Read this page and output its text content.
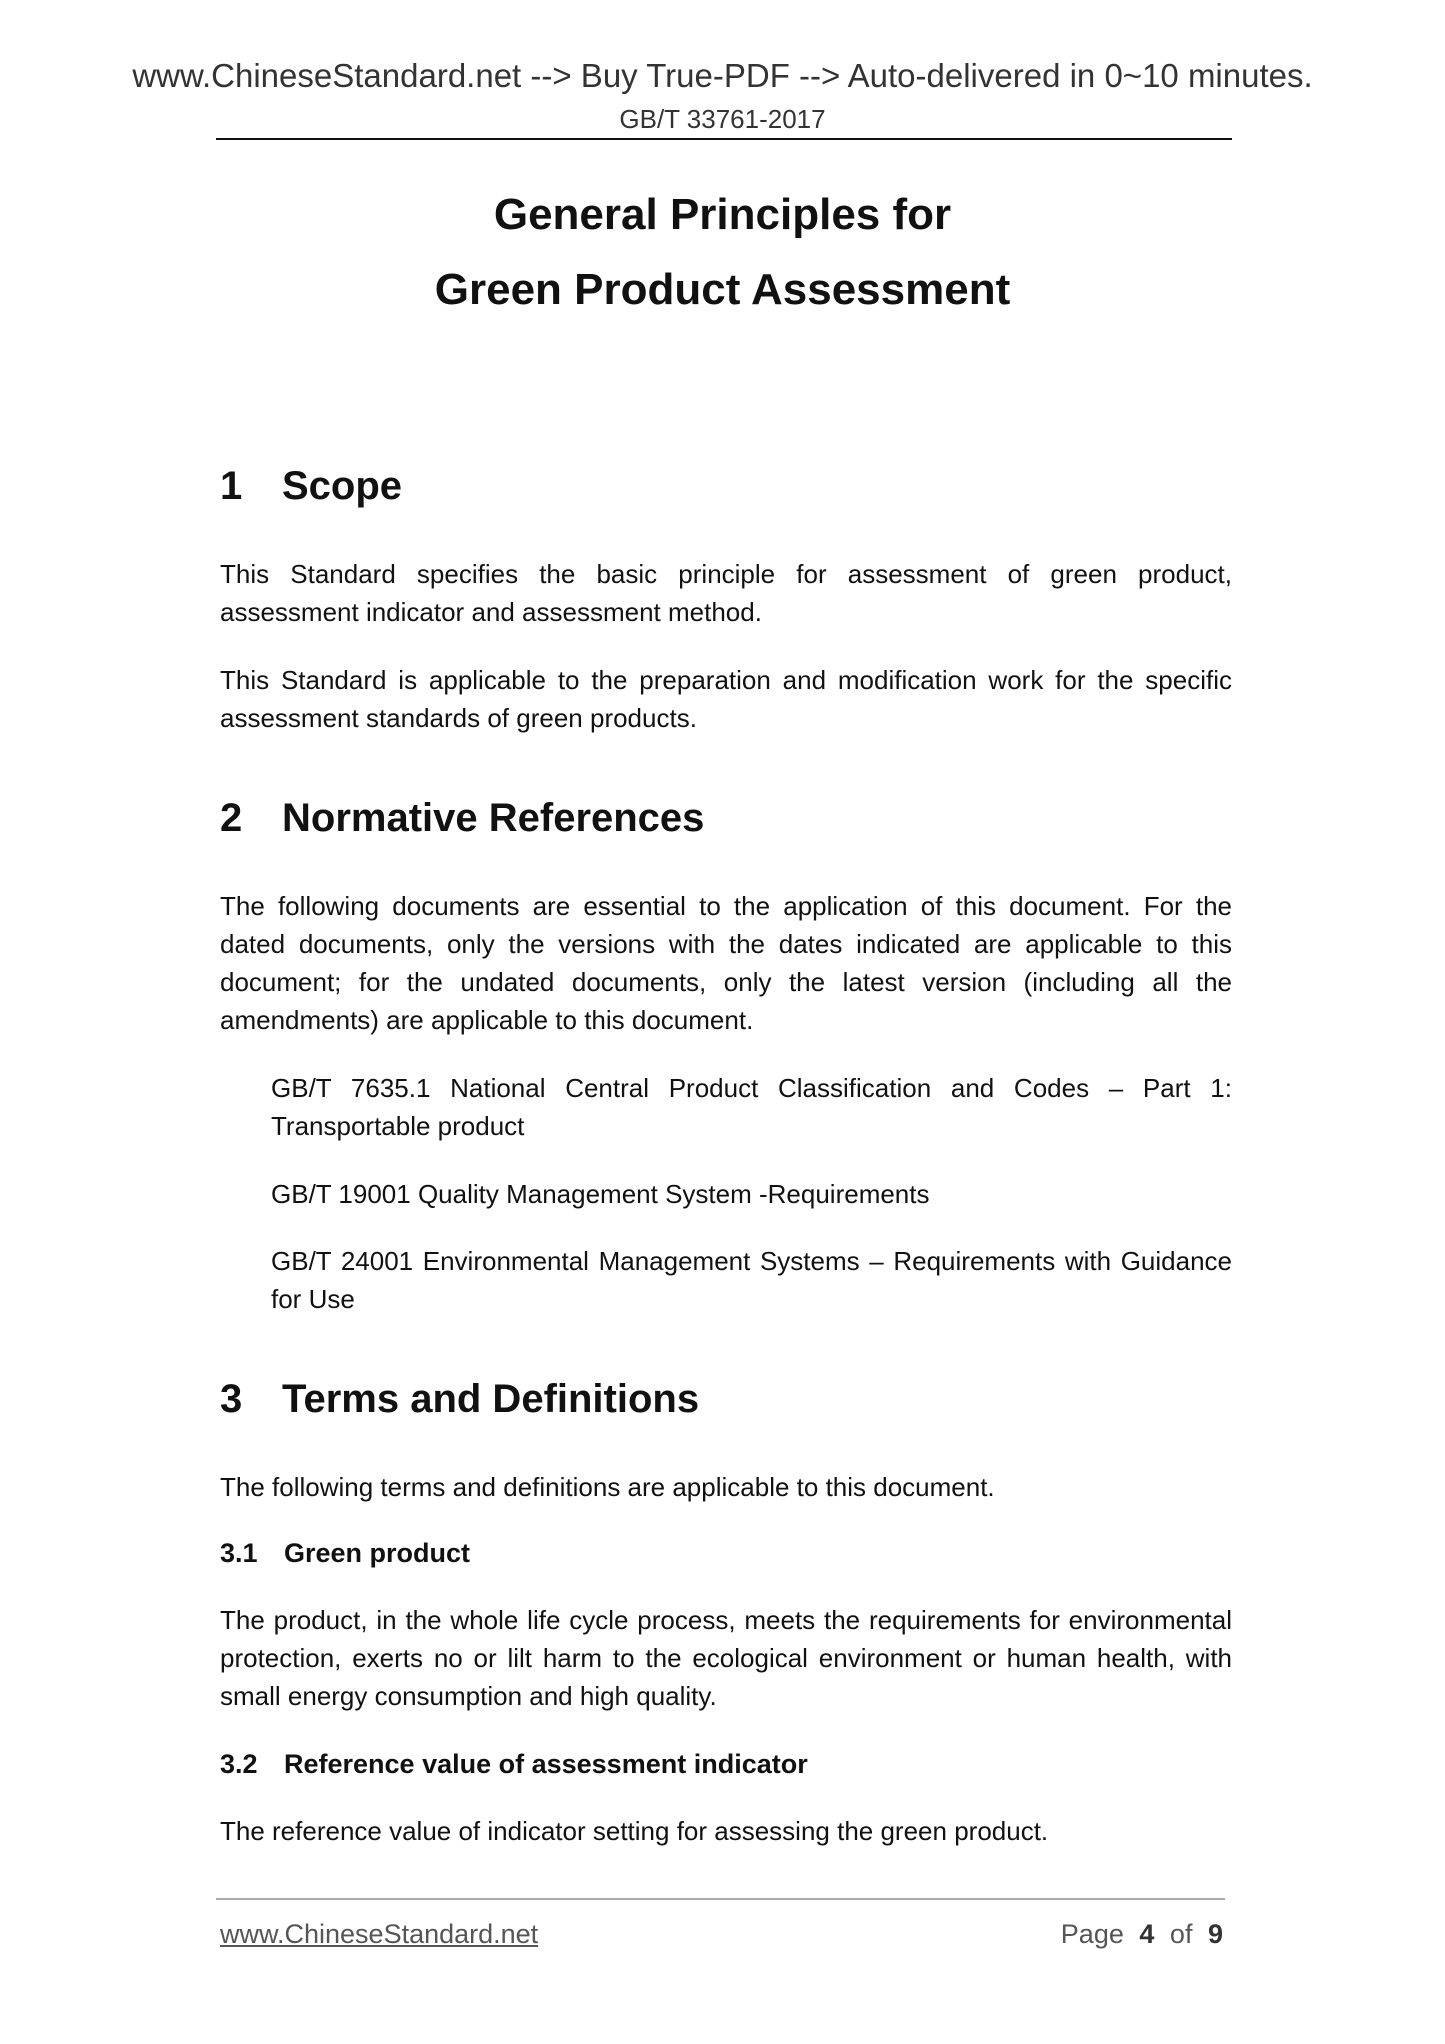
www.ChineseStandard.net --> Buy True-PDF --> Auto-delivered in 0~10 minutes.
GB/T 33761-2017
General Principles for
Green Product Assessment
1 Scope

This Standard specifies the basic principle for assessment of green product, assessment indicator and assessment method.

This Standard is applicable to the preparation and modification work for the specific assessment standards of green products.

2 Normative References

The following documents are essential to the application of this document. For the dated documents, only the versions with the dates indicated are applicable to this document; for the undated documents, only the latest version (including all the amendments) are applicable to this document.

GB/T 7635.1 National Central Product Classification and Codes – Part 1: Transportable product

GB/T 19001 Quality Management System -Requirements

GB/T 24001 Environmental Management Systems – Requirements with Guidance for Use

3 Terms and Definitions

The following terms and definitions are applicable to this document.

3.1 Green product

The product, in the whole life cycle process, meets the requirements for environmental protection, exerts no or lilt harm to the ecological environment or human health, with small energy consumption and high quality.

3.2 Reference value of assessment indicator

The reference value of indicator setting for assessing the green product.

www.ChineseStandard.net	Page 4 of 9
